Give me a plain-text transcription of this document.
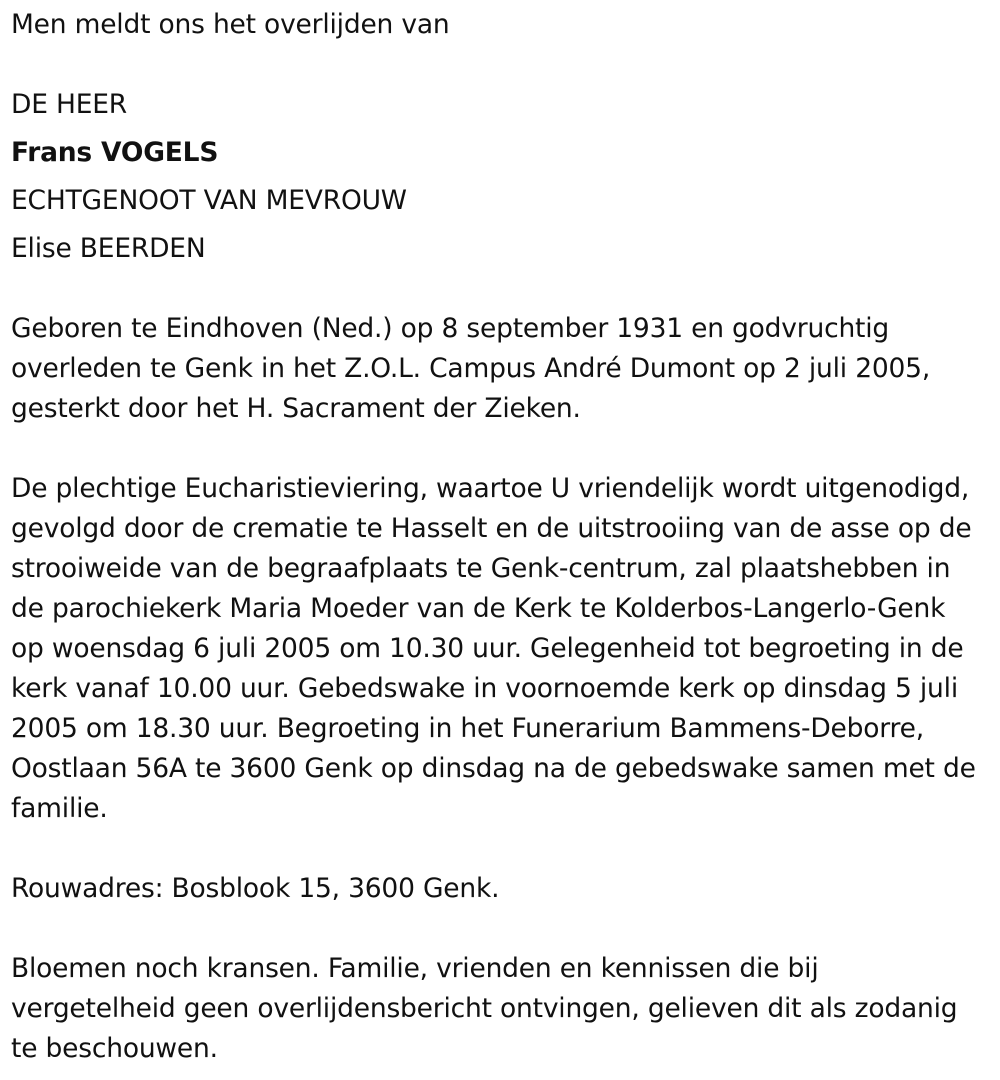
Men meldt ons het overlijden van
DE HEER
Frans VOGELS
ECHTGENOOT VAN MEVROUW
Elise BEERDEN
Geboren te Eindhoven (Ned.) op 8 september 1931 en godvruchtig
overleden te Genk in het Z.O.L. Campus André Dumont op 2 juli 2005,
gesterkt door het H. Sacrament der Zieken.
De plechtige Eucharistieviering, waartoe U vriendelijk wordt uitgenodigd,
gevolgd door de crematie te Hasselt en de uitstrooiing van de asse op de
strooiweide van de begraafplaats te Genk-centrum, zal plaatshebben in
de parochiekerk Maria Moeder van de Kerk te Kolderbos-Langerlo-Genk
op woensdag 6 juli 2005 om 10.30 uur. Gelegenheid tot begroeting in de
kerk vanaf 10.00 uur. Gebedswake in voornoemde kerk op dinsdag 5 juli
2005 om 18.30 uur. Begroeting in het Funerarium Bammens-Deborre,
Oostlaan 56A te 3600 Genk op dinsdag na de gebedswake samen met de
familie.
Rouwadres: Bosblook 15, 3600 Genk.
Bloemen noch kransen. Familie, vrienden en kennissen die bij
vergetelheid geen overlijdensbericht ontvingen, gelieven dit als zodanig
te beschouwen.
